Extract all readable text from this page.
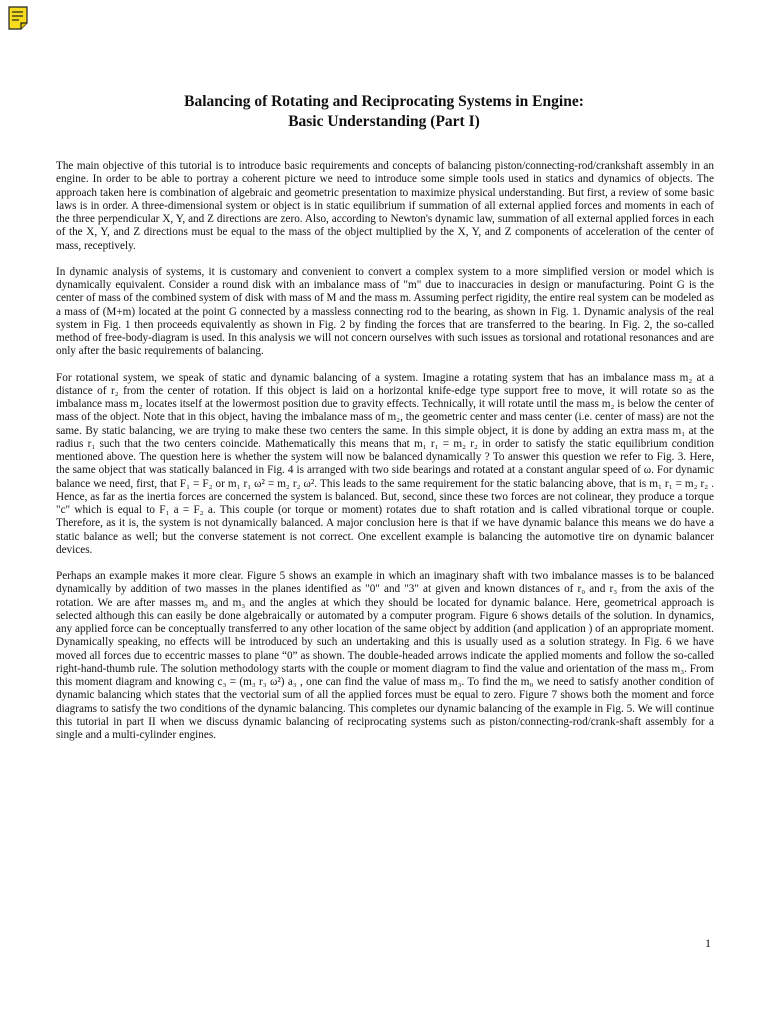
Balancing of Rotating and Reciprocating Systems in Engine:
Basic Understanding (Part I)

The main objective of this tutorial is to introduce basic requirements and concepts of balancing piston/connecting-rod/crankshaft assembly in an engine. In order to be able to portray a coherent picture we need to introduce some simple tools used in statics and dynamics of objects. The approach taken here is combination of algebraic and geometric presentation to maximize physical understanding. But first, a review of some basic laws is in order. A three-dimensional system or object is in static equilibrium if summation of all external applied forces and moments in each of the three perpendicular X, Y, and Z directions are zero. Also, according to Newton's dynamic law, summation of all external applied forces in each of the X, Y, and Z directions must be equal to the mass of the object multiplied by the X, Y, and Z components of acceleration of the center of mass, receptively.

In dynamic analysis of systems, it is customary and convenient to convert a complex system to a more simplified version or model which is dynamically equivalent. Consider a round disk with an imbalance mass of "m" due to inaccuracies in design or manufacturing. Point G is the center of mass of the combined system of disk with mass of M and the mass m. Assuming perfect rigidity, the entire real system can be modeled as a mass of (M+m) located at the point G connected by a massless connecting rod to the bearing, as shown in Fig. 1. Dynamic analysis of the real system in Fig. 1 then proceeds equivalently as shown in Fig. 2 by finding the forces that are transferred to the bearing. In Fig. 2, the so-called method of free-body-diagram is used. In this analysis we will not concern ourselves with such issues as torsional and rotational resonances and are only after the basic requirements of balancing.

For rotational system, we speak of static and dynamic balancing of a system. Imagine a rotating system that has an imbalance mass m₂ at a distance of r₂ from the center of rotation. If this object is laid on a horizontal knife-edge type support free to move, it will rotate so as the imbalance mass m₂ locates itself at the lowermost position due to gravity effects. Technically, it will rotate until the mass m₂ is below the center of mass of the object. Note that in this object, having the imbalance mass of m₂, the geometric center and mass center (i.e. center of mass) are not the same. By static balancing, we are trying to make these two centers the same. In this simple object, it is done by adding an extra mass m₁ at the radius r₁ such that the two centers coincide. Mathematically this means that m₁ r₁ = m₂ r₂ in order to satisfy the static equilibrium condition mentioned above. The question here is whether the system will now be balanced dynamically ? To answer this question we refer to Fig. 3. Here, the same object that was statically balanced in Fig. 4 is arranged with two side bearings and rotated at a constant angular speed of ω. For dynamic balance we need, first, that F₁ = F₂ or m₁ r₁ ω² = m₂ r₂ ω². This leads to the same requirement for the static balancing above, that is m₁ r₁ = m₂ r₂ . Hence, as far as the inertia forces are concerned the system is balanced. But, second, since these two forces are not colinear, they produce a torque "c" which is equal to F₁ a = F₂ a. This couple (or torque or moment) rotates due to shaft rotation and is called vibrational torque or couple. Therefore, as it is, the system is not dynamically balanced. A major conclusion here is that if we have dynamic balance this means we do have a static balance as well; but the converse statement is not correct. One excellent example is balancing the automotive tire on dynamic balancer devices.

Perhaps an example makes it more clear. Figure 5 shows an example in which an imaginary shaft with two imbalance masses is to be balanced dynamically by addition of two masses in the planes identified as "0" and "3" at given and known distances of r₀ and r₃ from the axis of the rotation. We are after masses m₀ and m₃ and the angles at which they should be located for dynamic balance. Here, geometrical approach is selected although this can easily be done algebraically or automated by a computer program. Figure 6 shows details of the solution. In dynamics, any applied force can be conceptually transferred to any other location of the same object by addition (and application ) of an appropriate moment. Dynamically speaking, no effects will be introduced by such an undertaking and this is usually used as a solution strategy. In Fig. 6 we have moved all forces due to eccentric masses to plane “0” as shown. The double-headed arrows indicate the applied moments and follow the so-called right-hand-thumb rule. The solution methodology starts with the couple or moment diagram to find the value and orientation of the mass m₃. From this moment diagram and knowing c₃ = (m₃ r₃ ω²) a₃ , one can find the value of mass m₃. To find the m₀ we need to satisfy another condition of dynamic balancing which states that the vectorial sum of all the applied forces must be equal to zero. Figure 7 shows both the moment and force diagrams to satisfy the two conditions of the dynamic balancing. This completes our dynamic balancing of the example in Fig. 5. We will continue this tutorial in part II when we discuss dynamic balancing of reciprocating systems such as piston/connecting-rod/crank-shaft assembly for a single and a multi-cylinder engines.

1
